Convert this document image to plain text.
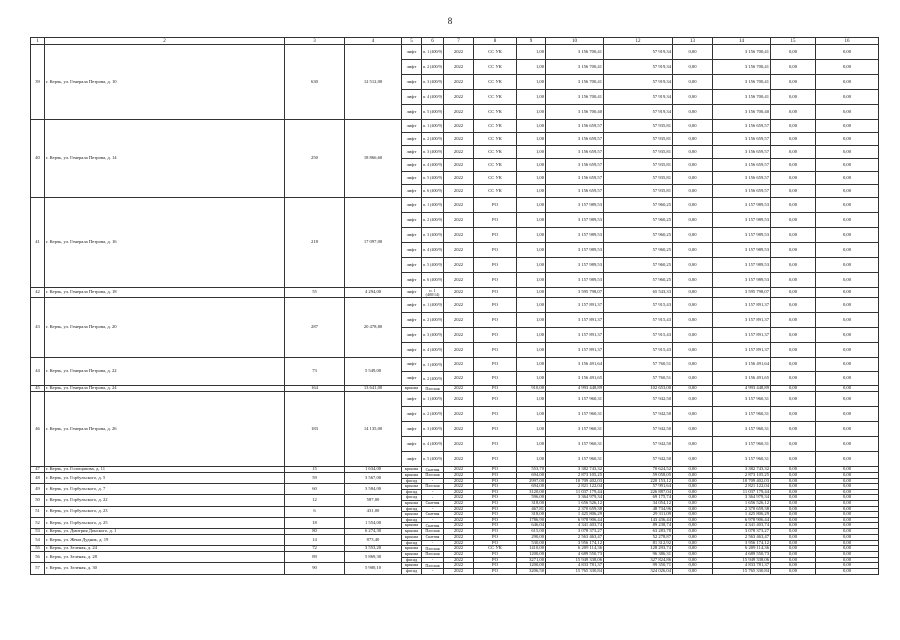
8
1	2	3	4	5	6	7	8	9	10	12	13	14	15	16
39	г. Керчь, ул. Генерала Петрова, д. 10	630	12 512,00	лифт	п. 1 (400/9)	2022	СС УК	1,00	3 156 700,41	57 919,34	0,00	3 156 700,41	0,00	0,00
				лифт	п. 2 (400/9)	2022	СС УК	1,00	3 156 700,41	57 919,34	0,00	3 156 700,41	0,00	0,00
				лифт	п. 3 (400/9)	2022	СС УК	1,00	3 156 700,41	57 919,34	0,00	3 156 700,41	0,00	0,00
				лифт	п. 4 (400/9)	2022	СС УК	1,00	3 156 700,41	57 919,34	0,00	3 156 700,41	0,00	0,00
				лифт	п. 5 (400/9)	2022	СС УК	1,00	3 156 700,40	57 919,34	0,00	3 156 700,40	0,00	0,00
40	г. Керчь, ул. Генерала Петрова, д. 14	250	18 866,60	лифт	п. 1 (400/9)	2022	СС УК	1,00	3 156 659,57	57 935,81	0,00	3 156 659,57	0,00	0,00
				лифт	п. 2 (400/9)	2022	СС УК	1,00	3 156 659,57	57 935,81	0,00	3 156 659,57	0,00	0,00
				лифт	п. 3 (400/9)	2022	СС УК	1,00	3 156 659,57	57 935,81	0,00	3 156 659,57	0,00	0,00
				лифт	п. 4 (400/9)	2022	СС УК	1,00	3 156 659,57	57 935,81	0,00	3 156 659,57	0,00	0,00
				лифт	п. 5 (400/9)	2022	СС УК	1,00	3 156 659,57	57 935,81	0,00	3 156 659,57	0,00	0,00
				лифт	п. 6 (400/9)	2022	СС УК	1,00	3 156 659,57	57 935,81	0,00	3 156 659,57	0,00	0,00
41	г. Керчь, ул. Генерала Петрова, д. 16	218	17 097,00	лифт	п. 1 (400/9)	2022	РО	1,00	3 157 989,53	57 960,25	0,00	3 157 989,53	0,00	0,00
				лифт	п. 2 (400/9)	2022	РО	1,00	3 157 989,53	57 960,25	0,00	3 157 989,53	0,00	0,00
				лифт	п. 3 (400/9)	2022	РО	1,00	3 157 989,53	57 960,25	0,00	3 157 989,53	0,00	0,00
				лифт	п. 4 (400/9)	2022	РО	1,00	3 157 989,53	57 960,25	0,00	3 157 989,53	0,00	0,00
				лифт	п. 5 (400/9)	2022	РО	1,00	3 157 989,53	57 960,25	0,00	3 157 989,53	0,00	0,00
				лифт	п. 6 (400/9)	2022	РО	1,00	3 157 989,53	57 960,25	0,00	3 157 989,53	0,00	0,00
42	г. Керчь, ул. Генерала Петрова, д. 18	55	4 294,00	лифт	п. 1 (400/14)	2022	РО	1,00	3 595 798,07	65 543,33	0,00	3 595 798,07	0,00	0,00
43	г. Керчь, ул. Генерала Петрова, д. 20	287	20 478,80	лифт	п. 1 (400/9)	2022	РО	1,00	3 157 891,37	57 915,43	0,00	3 157 891,37	0,00	0,00
				лифт	п. 2 (400/9)	2022	РО	1,00	3 157 891,37	57 915,43	0,00	3 157 891,37	0,00	0,00
				лифт	п. 3 (400/9)	2022	РО	1,00	3 157 891,37	57 915,43	0,00	3 157 891,37	0,00	0,00
				лифт	п. 4 (400/9)	2022	РО	1,00	3 157 891,37	57 915,43	0,00	3 157 891,37	0,00	0,00
44	г. Керчь, ул. Генерала Петрова, д. 22	73	5 549,00	лифт	п. 1 (400/9)	2022	РО	1,00	3 156 491,64	57 760,51	0,00	3 156 491,64	0,00	0,00
				лифт	п. 2 (400/9)	2022	РО	1,00	3 156 491,65	57 760,51	0,00	3 156 491,65	0,00	0,00
45	г. Керчь, ул. Генерала Петрова, д. 24	164	13 641,00	крыша	Плоская	2022	РО	910,00	4 993 448,89	102 653,00	0,00	4 993 448,89	0,00	0,00
46	г. Керчь, ул. Генерала Петрова, д. 26	183	14 135,00	лифт	п. 1 (400/9)	2022	РО	1,00	3 157 960,31	57 942,50	0,00	3 157 960,31	0,00	0,00
				лифт	п. 2 (400/9)	2022	РО	1,00	3 157 960,31	57 942,50	0,00	3 157 960,31	0,00	0,00
				лифт	п. 3 (400/9)	2022	РО	1,00	3 157 960,31	57 942,50	0,00	3 157 960,31	0,00	0,00
				лифт	п. 4 (400/9)	2022	РО	1,00	3 157 960,31	57 942,50	0,00	3 157 960,31	0,00	0,00
				лифт	п. 5 (400/9)	2022	РО	1,00	3 157 960,31	57 942,50	0,00	3 157 960,31	0,00	0,00
47	г. Керчь, ул. Голощапова, д. 11	15	1 634,00	крыша	Скатная	2022	РО	553,70	3 382 743,32	70 624,52	0,00	3 382 743,32	0,00	0,00
48	г. Керчь, ул. Горбульского, д. 5	59	3 567,00	крыша	Плоская	2022	РО	694,00	2 873 105,25	59 058,05	0,00	2 873 105,25	0,00	0,00
				фасад	-	2022	РО	2997,00	10 709 402,03	220 153,12	0,00	10 709 402,03	0,00	0,00
49	г. Керчь, ул. Горбульского, д. 7	60	3 584,00	крыша	Плоская	2022	РО	694,00	2 821 122,04	57 991,64	0,00	2 821 122,04	0,00	0,00
				фасад	-	2022	РО	3120,00	11 037 179,44	226 887,04	0,00	11 037 179,44	0,00	0,00
50	г. Керчь, ул. Горбульского, д. 22	12	587,00	фасад	-	2022	РО	596,00	3 364 979,34	69 175,74	0,00	3 364 979,34	0,00	0,00
				крыша	Скатная	2022	РО	318,00	1 656 526,12	34 054,12	0,00	1 656 526,12	0,00	0,00
51	г. Керчь, ул. Горбульского, д. 23	6	431,00	фасад	-	2022	РО	467,81	2 370 659,38	48 734,96	0,00	2 370 659,38	0,00	0,00
				крыша	Скатная	2022	РО	318,00	1 425 806,29	29 311,09	0,00	1 425 806,29	0,00	0,00
52	г. Керчь, ул. Горбульского, д. 25	18	1 554,00	фасад	-	2022	РО	1786,90	6 978 906,44	143 436,44	0,00	6 978 906,44	0,00	0,00
				крыша	Скатная	2022	РО	646,04	4 341 403,74	89 238,74	0,00	4 341 403,74	0,00	0,00
53	г. Керчь, ул. Дмитрия Донского, д. 1	80	6 274,30	крыша	Плоская	2022	РО	615,00	3 078 373,27	63 283,78	0,00	3 078 373,27	0,00	0,00
54	г. Керчь, ул. Жени Дудник, д. 19	14	873,40	крыша	Скатная	2022	РО	290,00	2 563 463,47	52 278,87	0,00	2 563 463,47	0,00	0,00
				фасад	-	2022	РО	530,00	3 956 174,12	81 312,92	0,00	3 956 174,12	0,00	0,00
55	г. Керчь, ул. Зеленая, д. 24	72	3 553,20	крыша	Плоская	2022	СС УК	1410,00	6 209 114,36	128 293,74	0,00	6 209 114,36	0,00	0,00
56	г. Керчь, ул. Зеленая, д. 28	89	5 869,30	крыша	Плоская	2022	РО	1200,00	4 689 550,73	96 386,31	0,00	4 689 550,73	0,00	0,00
				фасад	-	2022	РО	3271,00	15 949 338,06	327 824,86	0,00	15 949 338,06	0,00	0,00
57	г. Керчь, ул. Зеленая, д. 30	90	5 900,10	крыша	Плоская	2022	РО	1200,00	4 833 781,37	99 350,71	0,00	4 833 781,37	0,00	0,00
				фасад	-	2022	РО	3206,50	15 765 330,84	324 026,04	0,00	15 765 330,84	0,00	0,00
